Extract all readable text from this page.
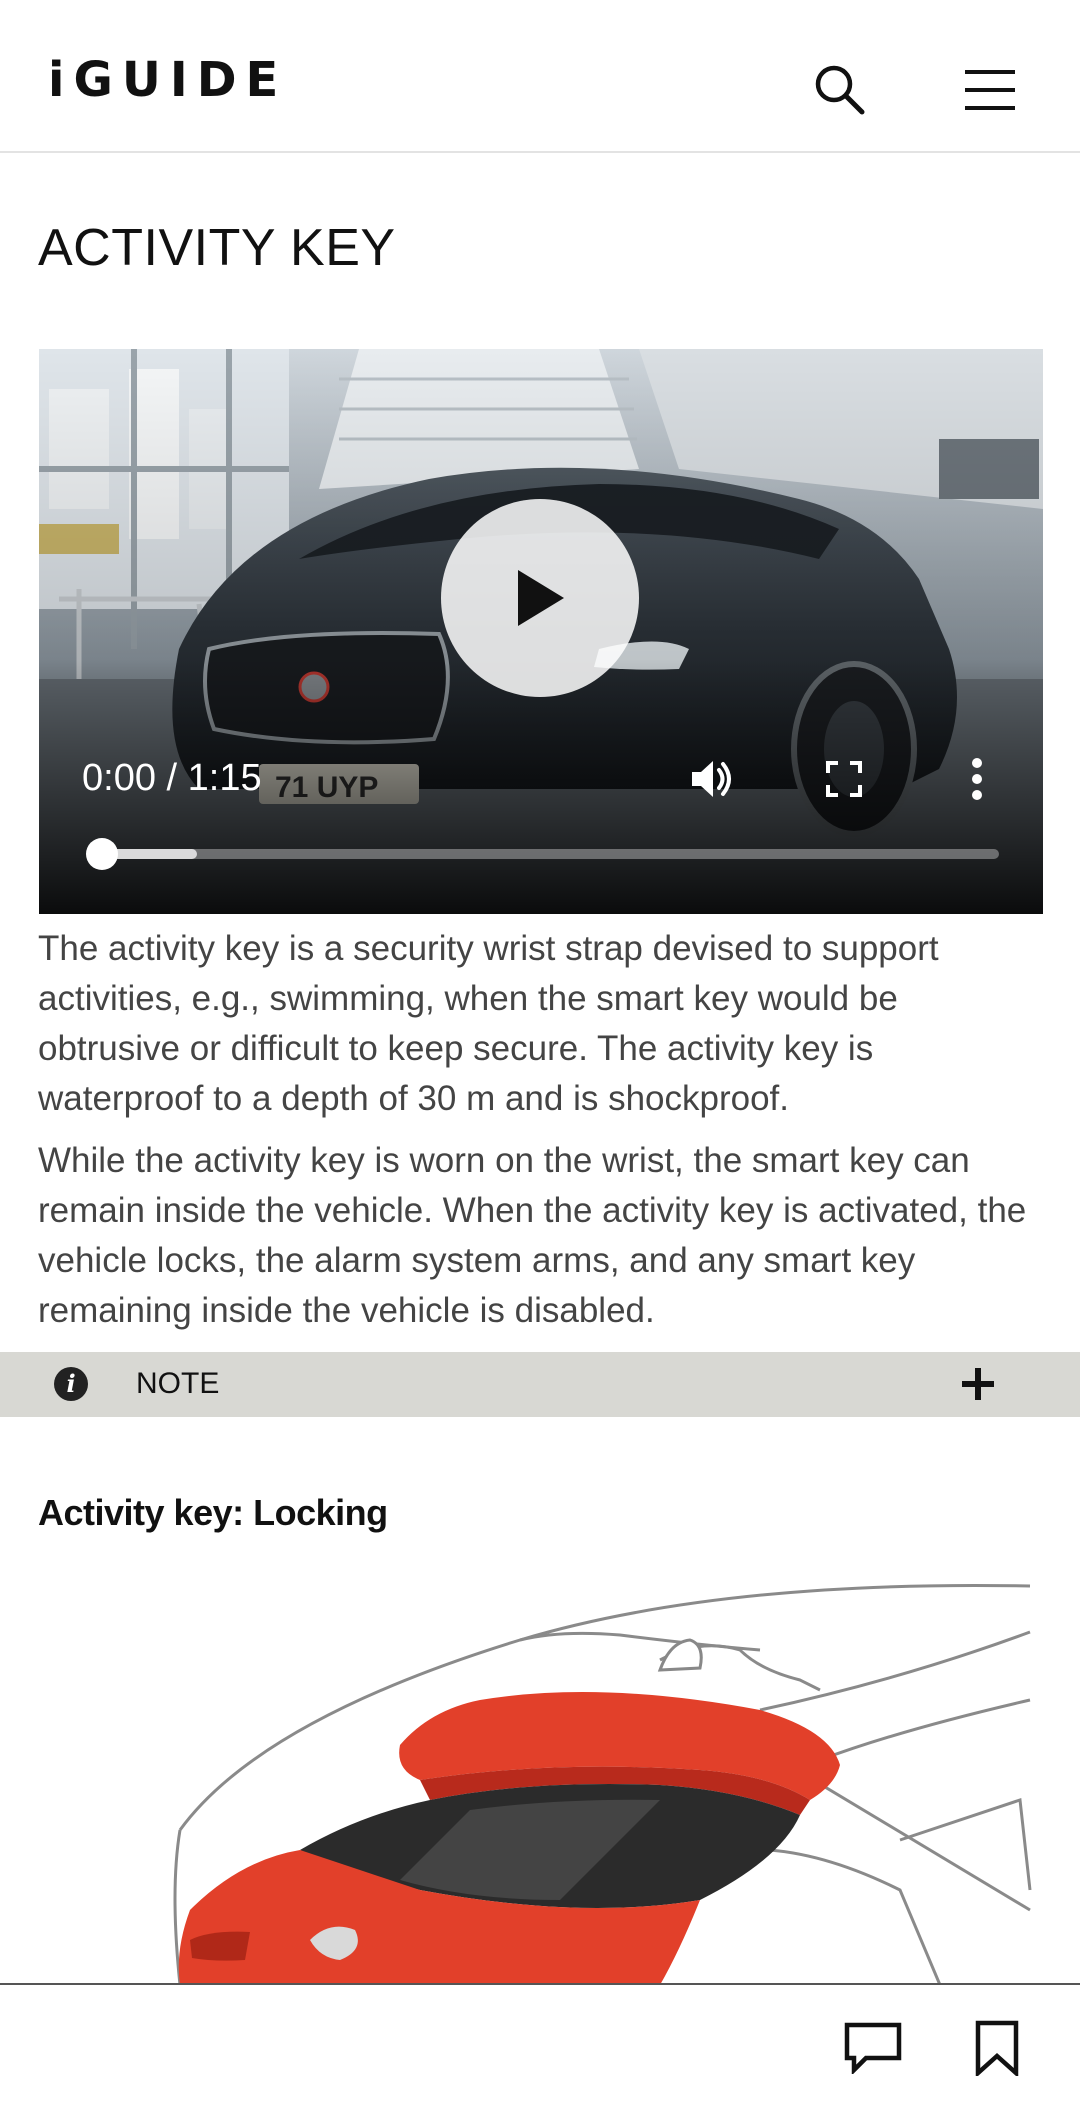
iGUIDE
ACTIVITY KEY
0:00 / 1:15

The activity key is a security wrist strap devised to support activities, e.g., swimming, when the smart key would be obtrusive or difficult to keep secure. The activity key is waterproof to a depth of 30 m and is shockproof.

While the activity key is worn on the wrist, the smart key can remain inside the vehicle. When the activity key is activated, the vehicle locks, the alarm system arms, and any smart key remaining inside the vehicle is disabled.

i	NOTE
Activity key: Locking
